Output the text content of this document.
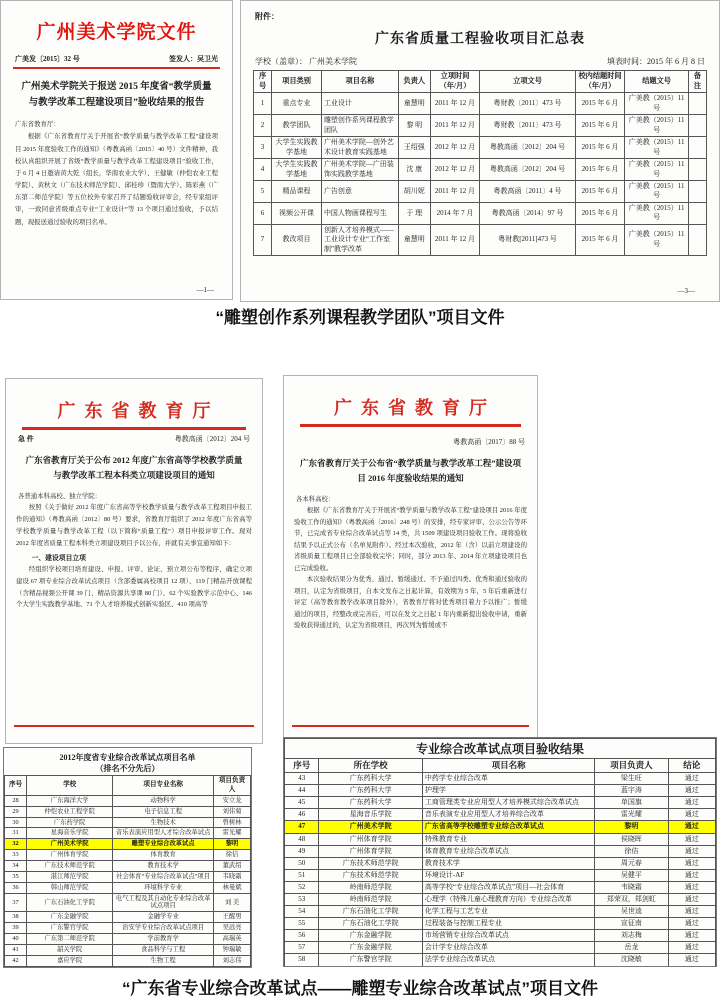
广州美术学院文件
广美发〔2015〕32 号	签发人：吴卫光
广州美术学院关于报送 2015 年度省“教学质量与教学改革工程建设项目”验收结果的报告

广东省教育厅：

根据《广东省教育厅关于开展省“教学质量与教学改革工程”建设项目 2015 年度验收工作的通知》（粤教高函〔2015〕40 号）文件精神，我校认真组织开展了省级“教学质量与教学改革工程建设项目”验收工作，于 6 月 4 日邀请黄大乾（组长，华南农业大学）、王健敏（仲恺农业工程学院）、黄秋文（广东技术师范学院）、邱桂珍（暨南大学）、陈彩燕（广东第二师范学院）等五位校外专家召开了结题验收评审会，经专家组评审，一致同意省级重点专业“工业设计”等 13 个项目通过验收，予以结题，现报送通过验收的项目名单。

—1—
附件：
广东省质量工程验收项目汇总表
学校（盖章）： 广州美术学院	填表时间：2015 年 6 月 8 日
序号	项目类别	项目名称	负责人	立项时间（年/月）	立项文号	校内结题时间（年/月）	结题文号	备注
1	重点专业	工业设计	童慧明	2011 年 12 月	粤财教〔2011〕473 号	2015 年 6 月	广美教（2015）11 号	
2	教学团队	雕塑创作系列课程教学团队	黎 明	2011 年 12 月	粤财教〔2011〕473 号	2015 年 6 月	广美教（2015）11 号	
3	大学生实践教学基地	广州美术学院—创外艺术设计教育实践基地	王绍强	2012 年 12 月	粤教高函〔2012〕204 号	2015 年 6 月	广美教（2015）11 号	
4	大学生实践教学基地	广州美术学院—广田装饰实践教学基地	沈 康	2012 年 12 月	粤教高函〔2012〕204 号	2015 年 6 月	广美教（2015）11 号	
5	精品课程	广告创意	胡川妮	2011 年 12 月	粤教高函〔2011〕4 号	2015 年 6 月	广美教（2015）11 号	
6	视频公开课	中国人物画课程写生	于 理	2014 年 7 月	粤教高函〔2014〕97 号	2015 年 6 月	广美教（2015）11 号	
7	教改项目	创新人才培养模式——工业设计专业“工作室制”教学改革	童慧明	2011 年 12 月	粤财教[2011]473 号	2015 年 6 月	广美教（2015）11 号	
—3—
“雕塑创作系列课程教学团队”项目文件
广东省教育厅
急 件	粤教高函〔2012〕204 号
广东省教育厅关于公布 2012 年度广东省高等学校教学质量与教学改革工程本科类立项建设项目的通知

各普通本科高校、独立学院：

按照《关于做好 2012 年度广东省高等学校教学质量与教学改革工程项目申报工作的通知》（粤教高函〔2012〕80 号）要求，省教育厅组织了 2012 年度广东省高等学校教学质量与教学改革工程（以下简称“质量工程”）项目申报评审工作。现对 2012 年度省质量工程本科类立项建设项目予以公布，并就有关事宜通知如下：

一、建设项目立项

经组织学校项目培育建设、申报、评审、论证、预立项公布等程序，确定立项建设 67 项专业综合改革试点项目（含部委属高校项目 12 项）、119 门精品开放课程（含精品视频公开课 39 门、精品资源共享课 80 门）、62 个实验教学示范中心、146 个大学生实践教学基地、71 个人才培养模式创新实验区、410 项高等

2012年度省专业综合改革试点项目名单
（排名不分先后）
序号	学校	项目专业名称	项目负责人
28	广东海洋大学	动物科学	安立龙
29	仲恺农业工程学院	电子信息工程	刘伟菊
30	广东药学院	生物技术	曾树林
31	星海音乐学院	音乐表演应用型人才综合改革试点	雷光耀
32	广州美术学院	雕塑专业综合改革试点	黎明
33	广州体育学院	体育教育	徐佶
34	广东技术师范学院	教育技术学	董武绍
35	湛江师范学院	社会体育“专业综合改革试点”项目	韦晓霜
36	韩山师范学院	环境科学专业	林曼斌
37	广东石油化工学院	电气工程及其自动化专业综合改革试点项目	刘 美
38	广东金融学院	金融学专业	王醒男
39	广东警官学院	治安学专业综合改革试点项目	吴远亮
40	广东第二师范学院	学前教育学	高瑞英
41	韶关学院	食品科学与工程	钟瑞敏
42	嘉应学院	生物工程	刘志伟
广东省教育厅
粤教高函〔2017〕88 号
广东省教育厅关于公布省“教学质量与教学改革工程”建设项目 2016 年度验收结果的通知

各本科高校：

根据《广东省教育厅关于开展省“教学质量与教学改革工程”建设项目 2016 年度验收工作的通知》（粤教高函〔2016〕248 号）的安排，经专家评审、公示公告等环节，已完成省专业综合改革试点等 14 类，共 1509 项建设项目验收工作。现将验收结果予以正式公布（名单见附件）。经过本次验收，2012 年（含）以前立项建设的省级质量工程项目已全部验收完毕；同时，部分 2013 年、2014 年立项建设项目也已完成验收。

本次验收结果分为优秀、通过、暂缓通过、不予通过四类。优秀和通过验收的项目，认定为省级项目，自本文发布之日起计算，有效期为 5 年，5 年后重新进行评定（高等教育教学改革项目除外），省教育厅将对优秀项目着力予以推广；暂缓通过的项目，经整改或完善后，可以在发文之日起 1 年内重新提出验收申请，重新验收获得通过的，认定为省级项目，再次列为暂缓或不

专业综合改革试点项目验收结果
序号	所在学校	项目名称	项目负责人	结论
43	广东药科大学	中药学专业综合改革	梁生旺	通过
44	广东药科大学	护理学	蓝宇涛	通过
45	广东药科大学	工商管理类专业应用型人才培养模式综合改革试点	单国旗	通过
46	星海音乐学院	音乐表演专业应用型人才培养综合改革	雷光耀	通过
47	广州美术学院	广东省高等学校雕塑专业综合改革试点	黎明	通过
48	广州体育学院	特殊教育专业	侯晓晖	通过
49	广州体育学院	体育教育专业综合改革试点	徐佶	通过
50	广东技术师范学院	教育技术学	周元春	通过
51	广东技术师范学院	环境设计-AF	吴健平	通过
52	岭南师范学院	高等学校“专业综合改革试点”项目—社会体育	韦晓霜	通过
53	岭南师范学院	心理学（特殊儿童心理教育方向）专业综合改革	郑荣双，郑剑虹	通过
54	广东石油化工学院	化学工程与工艺专业	吴世逵	通过
55	广东石油化工学院	过程装备与控制工程专业	宣征南	通过
56	广东金融学院	市场营销专业综合改革试点	刘志梅	通过
57	广东金融学院	会计学专业综合改革	岳龙	通过
58	广东警官学院	法学专业综合改革试点	沈晓敏	通过

“广东省专业综合改革试点——雕塑专业综合改革试点”项目文件
